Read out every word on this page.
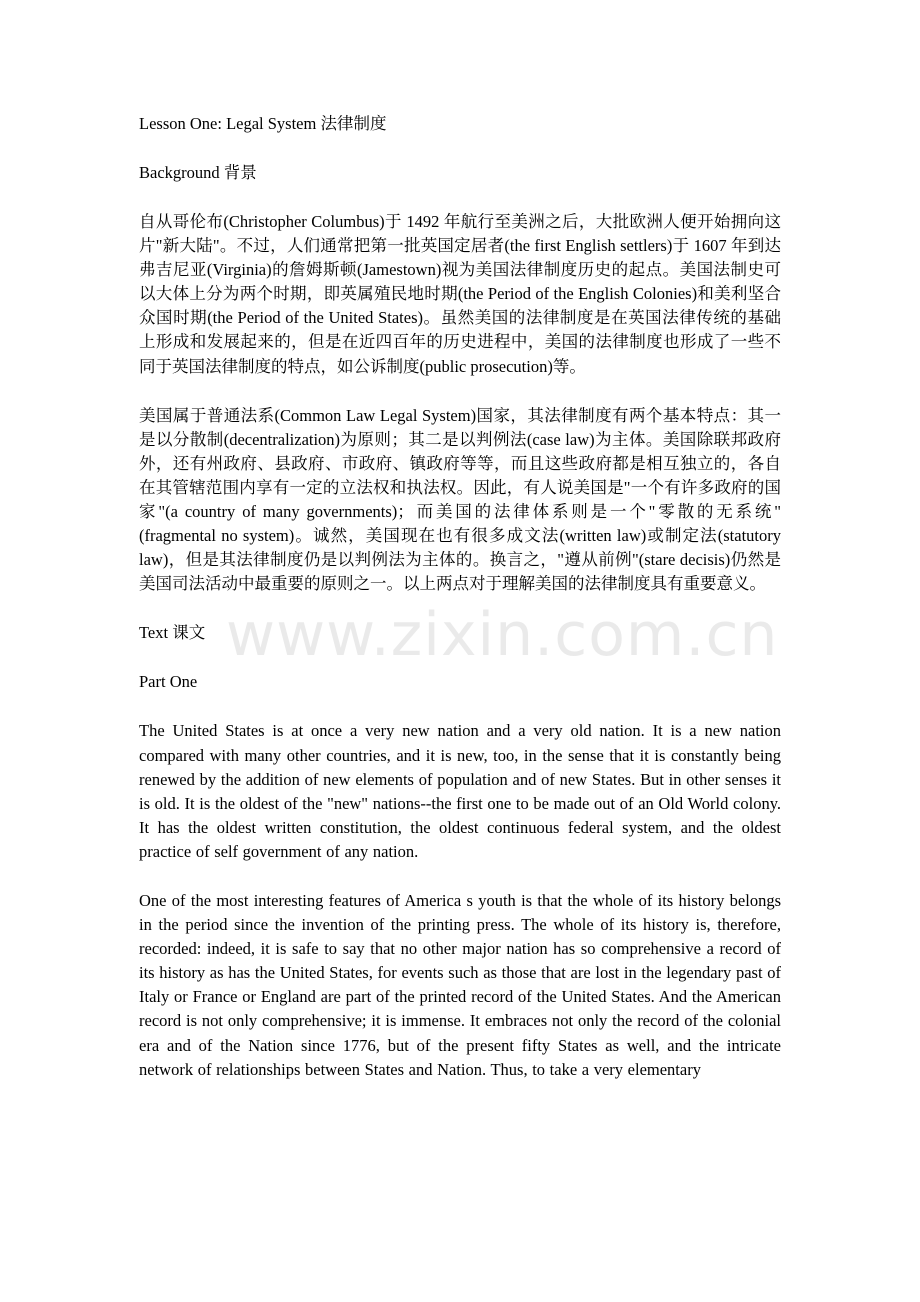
Lesson One: Legal System 法律制度

Background 背景

自从哥伦布(Christopher Columbus)于 1492 年航行至美洲之后，大批欧洲人便开始拥向这片"新大陆"。不过，人们通常把第一批英国定居者(the first English settlers)于 1607 年到达弗吉尼亚(Virginia)的詹姆斯顿(Jamestown)视为美国法律制度历史的起点。美国法制史可以大体上分为两个时期，即英属殖民地时期(the Period of the English Colonies)和美利坚合众国时期(the Period of the United States)。虽然美国的法律制度是在英国法律传统的基础上形成和发展起来的，但是在近四百年的历史进程中，美国的法律制度也形成了一些不同于英国法律制度的特点，如公诉制度(public prosecution)等。

美国属于普通法系(Common Law Legal System)国家，其法律制度有两个基本特点：其一是以分散制(decentralization)为原则；其二是以判例法(case law)为主体。美国除联邦政府外，还有州政府、县政府、市政府、镇政府等等，而且这些政府都是相互独立的，各自在其管辖范围内享有一定的立法权和执法权。因此，有人说美国是"一个有许多政府的国家"(a country of many governments)；而美国的法律体系则是一个"零散的无系统"(fragmental no system)。诚然，美国现在也有很多成文法(written law)或制定法(statutory law)，但是其法律制度仍是以判例法为主体的。换言之，"遵从前例"(stare decisis)仍然是美国司法活动中最重要的原则之一。以上两点对于理解美国的法律制度具有重要意义。

Text 课文

Part One

The United States is at once a very new nation and a very old nation. It is a new nation compared with many other countries, and it is new, too, in the sense that it is constantly being renewed by the addition of new elements of population and of new States. But in other senses it is old. It is the oldest of the "new" nations--the first one to be made out of an Old World colony. It has the oldest written constitution, the oldest continuous federal system, and the oldest practice of self government of any nation.

One of the most interesting features of America s youth is that the whole of its history belongs in the period since the invention of the printing press. The whole of its history is, therefore, recorded: indeed, it is safe to say that no other major nation has so comprehensive a record of its history as has the United States, for events such as those that are lost in the legendary past of Italy or France or England are part of the printed record of the United States. And the American record is not only comprehensive; it is immense. It embraces not only the record of the colonial era and of the Nation since 1776, but of the present fifty States as well, and the intricate network of relationships between States and Nation. Thus, to take a very elementary

www.zixin.com.cn
